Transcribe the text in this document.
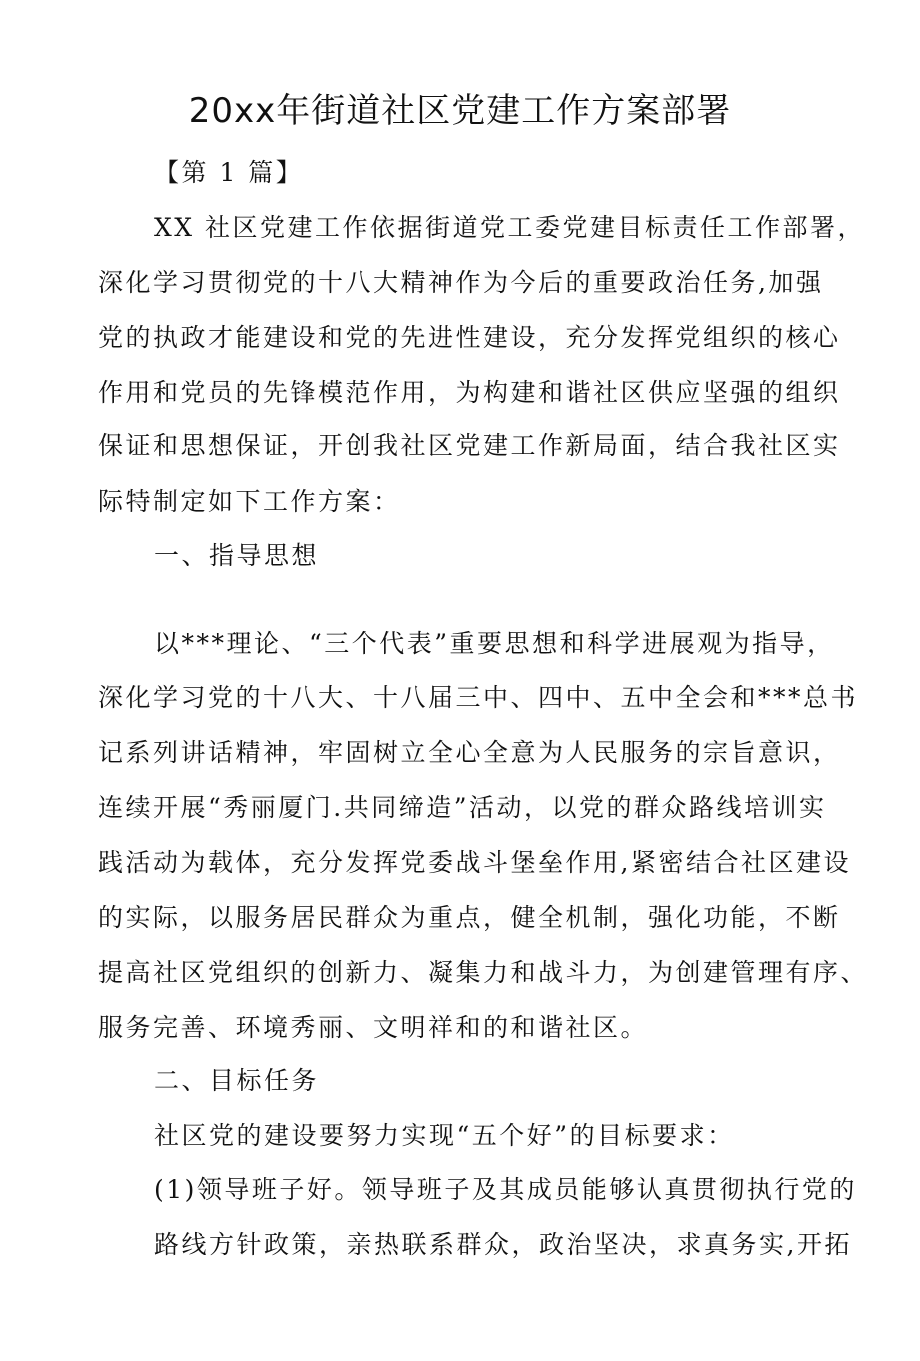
20xx年街道社区党建工作方案部署
【第 1 篇】
XX 社区党建工作依据街道党工委党建目标责任工作部署，
深化学习贯彻党的十八大精神作为今后的重要政治任务,加强
党的执政才能建设和党的先进性建设，充分发挥党组织的核心
作用和党员的先锋模范作用，为构建和谐社区供应坚强的组织
保证和思想保证，开创我社区党建工作新局面，结合我社区实
际特制定如下工作方案：
一、指导思想
以***理论、“三个代表”重要思想和科学进展观为指导，
深化学习党的十八大、十八届三中、四中、五中全会和***总书
记系列讲话精神，牢固树立全心全意为人民服务的宗旨意识，
连续开展“秀丽厦门.共同缔造”活动，以党的群众路线培训实
践活动为载体，充分发挥党委战斗堡垒作用,紧密结合社区建设
的实际，以服务居民群众为重点，健全机制，强化功能，不断
提高社区党组织的创新力、凝集力和战斗力，为创建管理有序、
服务完善、环境秀丽、文明祥和的和谐社区。
二、目标任务
社区党的建设要努力实现“五个好”的目标要求：
(1)领导班子好。领导班子及其成员能够认真贯彻执行党的
路线方针政策，亲热联系群众，政治坚决，求真务实,开拓
